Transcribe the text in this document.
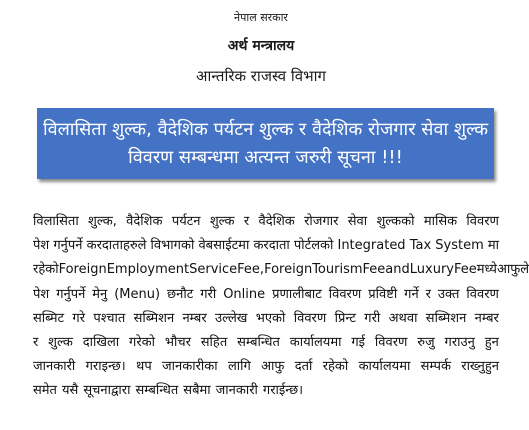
नेपाल सरकार
अर्थ मन्त्रालय
आन्तरिक राजस्व विभाग
विलासिता शुल्क, वैदेशिक पर्यटन शुल्क र वैदेशिक रोजगार सेवा शुल्क
विवरण सम्बन्धमा अत्यन्त जरुरी सूचना !!!
विलासिता शुल्क, वैदेशिक पर्यटन शुल्क र वैदेशिक रोजगार सेवा शुल्कको मासिक विवरण
पेश गर्नुपर्ने करदाताहरुले विभागको वेबसाईटमा करदाता पोर्टलको Integrated Tax System मा
रहेको Foreign Employment Service Fee, Foreign Tourism Fee and Luxury Fee मध्ये आफुले
पेश गर्नुपर्ने मेनु (Menu) छनौट गरी Online प्रणालीबाट विवरण प्रविष्टी गर्ने र उक्त विवरण
सब्मिट गरे पश्चात सब्मिशन नम्बर उल्लेख भएको विवरण प्रिन्ट गरी अथवा सब्मिशन नम्बर
र शुल्क दाखिला गरेको भौचर सहित सम्बन्धित कार्यालयमा गई विवरण रुजु गराउनु हुन
जानकारी गराइन्छ। थप जानकारीका लागि आफु दर्ता रहेको कार्यालयमा सम्पर्क राख्नुहुन
समेत यसै सूचनाद्वारा सम्बन्धित सबैमा जानकारी गराईन्छ।
